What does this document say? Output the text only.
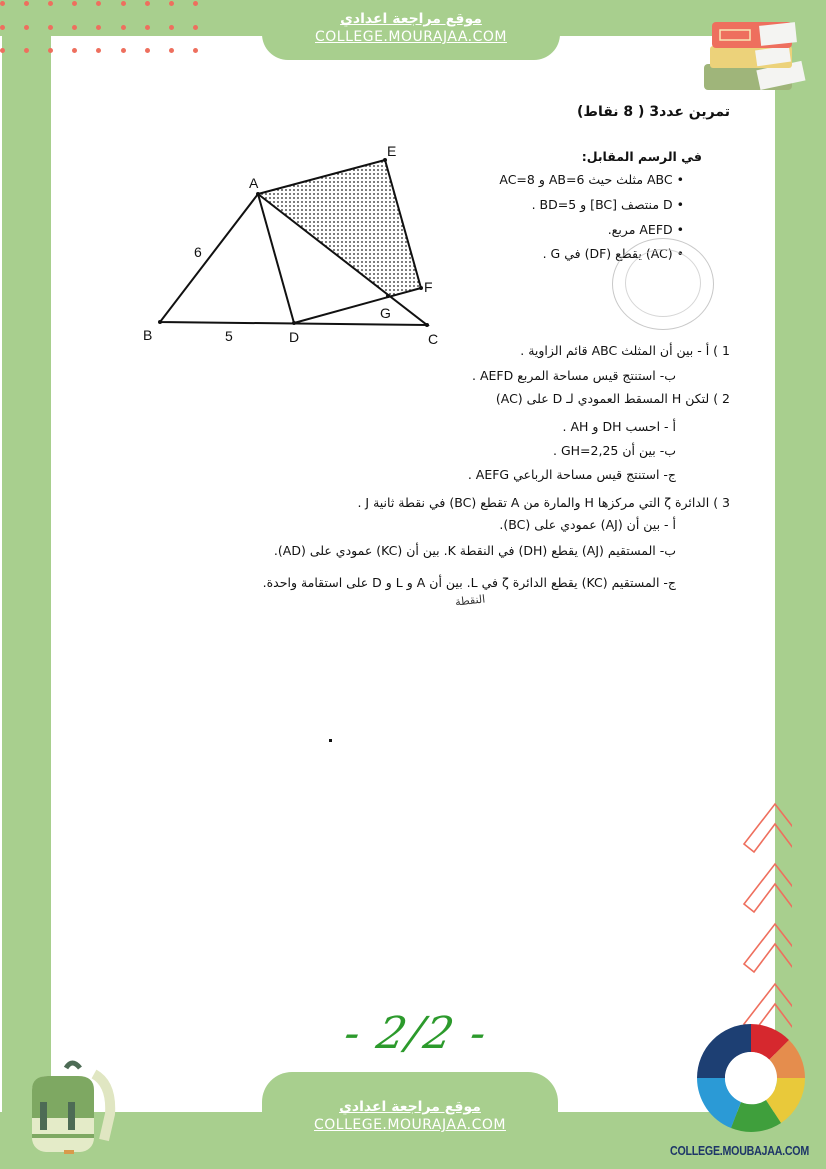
موقع مراجعة اعدادي
COLLEGE.MOURAJAA.COM
تمرين عدد3 ( 8 نقاط)
في الرسم المقابل:
• ABC مثلث حيث AB=6 و AC=8
• D منتصف [BC] و BD=5 .
• AEFD مربع.
• (AC) يقطع (DF) في G .
1 ) أ - بين أن المثلث ABC قائم الزاوية .
ب- استنتج قيس مساحة المربع AEFD .
2 ) لتكن H المسقط العمودي لـ D على (AC)
أ - احسب DH و AH .
ب- بين أن GH=2,25 .
ج- استنتج قيس مساحة الرباعي AEFG .
3 ) الدائرة ζ التي مركزها H والمارة من A تقطع (BC) في نقطة ثانية J .
أ - بين أن (AJ) عمودي على (BC).
ب- المستقيم (AJ) يقطع (DH) في النقطة K. بين أن (KC) عمودي على (AD).
ج- المستقيم (KC) يقطع الدائرة ζ في L. بين أن A و L و D على استقامة واحدة.
النقطة
A
B	C
D
E
F
G
6
5
- 2/2 -
موقع مراجعة اعدادي
COLLEGE.MOURAJAA.COM
COLLEGE.MOUBAJAA.COM
